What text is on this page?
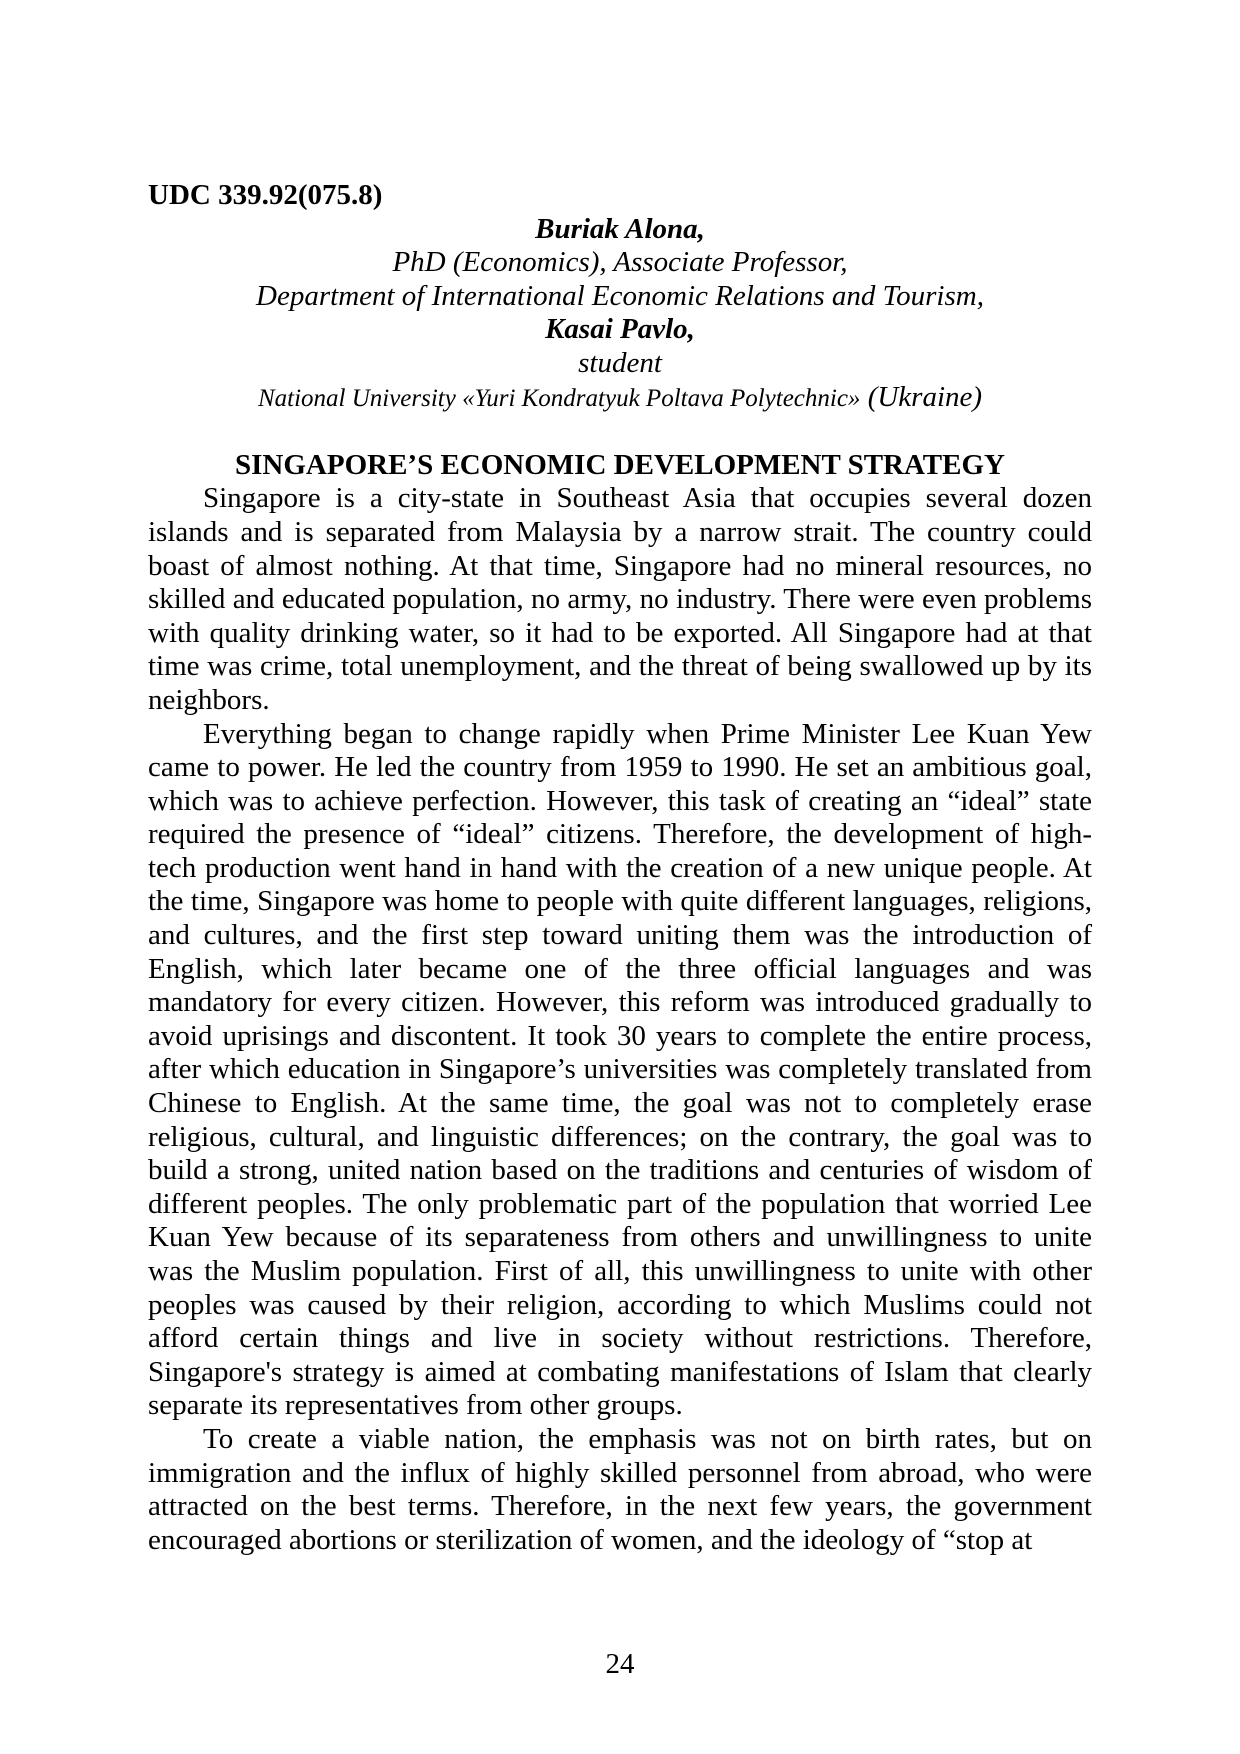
UDC 339.92(075.8)
Buriak Alona,
PhD (Economics), Associate Professor,
Department of International Economic Relations and Tourism,
Kasai Pavlo,
student
National University «Yuri Kondratyuk Poltava Polytechnic» (Ukraine)
SINGAPORE’S ECONOMIC DEVELOPMENT STRATEGY

Singapore is a city-state in Southeast Asia that occupies several dozen islands and is separated from Malaysia by a narrow strait. The country could boast of almost nothing. At that time, Singapore had no mineral resources, no skilled and educated population, no army, no industry. There were even problems with quality drinking water, so it had to be exported. All Singapore had at that time was crime, total unemployment, and the threat of being swallowed up by its neighbors.

Everything began to change rapidly when Prime Minister Lee Kuan Yew came to power. He led the country from 1959 to 1990. He set an ambitious goal, which was to achieve perfection. However, this task of creating an “ideal” state required the presence of “ideal” citizens. Therefore, the development of high-tech production went hand in hand with the creation of a new unique people. At the time, Singapore was home to people with quite different languages, religions, and cultures, and the first step toward uniting them was the introduction of English, which later became one of the three official languages and was mandatory for every citizen. However, this reform was introduced gradually to avoid uprisings and discontent. It took 30 years to complete the entire process, after which education in Singapore’s universities was completely translated from Chinese to English. At the same time, the goal was not to completely erase religious, cultural, and linguistic differences; on the contrary, the goal was to build a strong, united nation based on the traditions and centuries of wisdom of different peoples. The only problematic part of the population that worried Lee Kuan Yew because of its separateness from others and unwillingness to unite was the Muslim population. First of all, this unwillingness to unite with other peoples was caused by their religion, according to which Muslims could not afford certain things and live in society without restrictions. Therefore, Singapore's strategy is aimed at combating manifestations of Islam that clearly separate its representatives from other groups.

To create a viable nation, the emphasis was not on birth rates, but on immigration and the influx of highly skilled personnel from abroad, who were attracted on the best terms. Therefore, in the next few years, the government encouraged abortions or sterilization of women, and the ideology of “stop at

24
